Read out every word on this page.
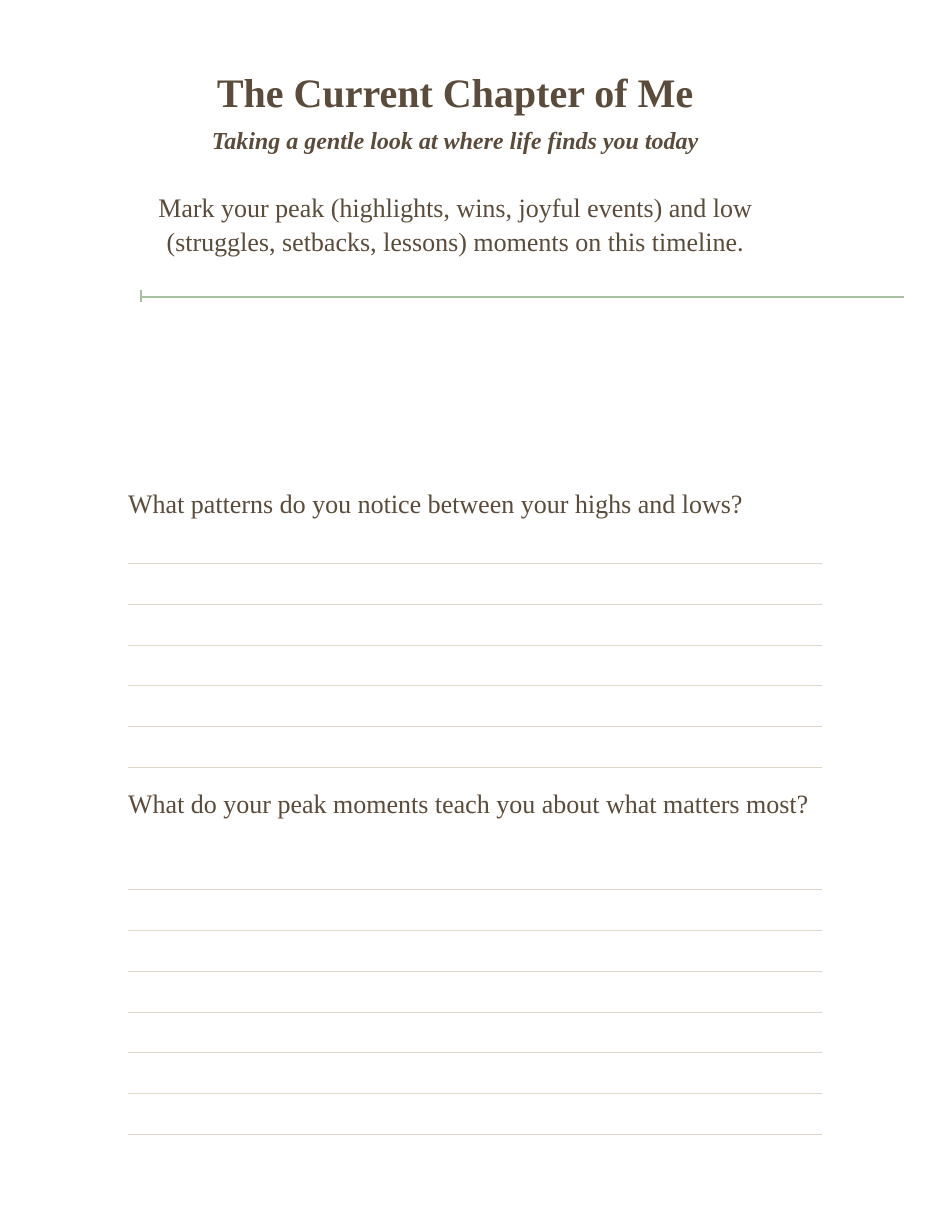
The Current Chapter of Me
Taking a gentle look at where life finds you today
Mark your peak (highlights, wins, joyful events) and low (struggles, setbacks, lessons) moments on this timeline.
What patterns do you notice between your highs and lows?
What do your peak moments teach you about what matters most?
